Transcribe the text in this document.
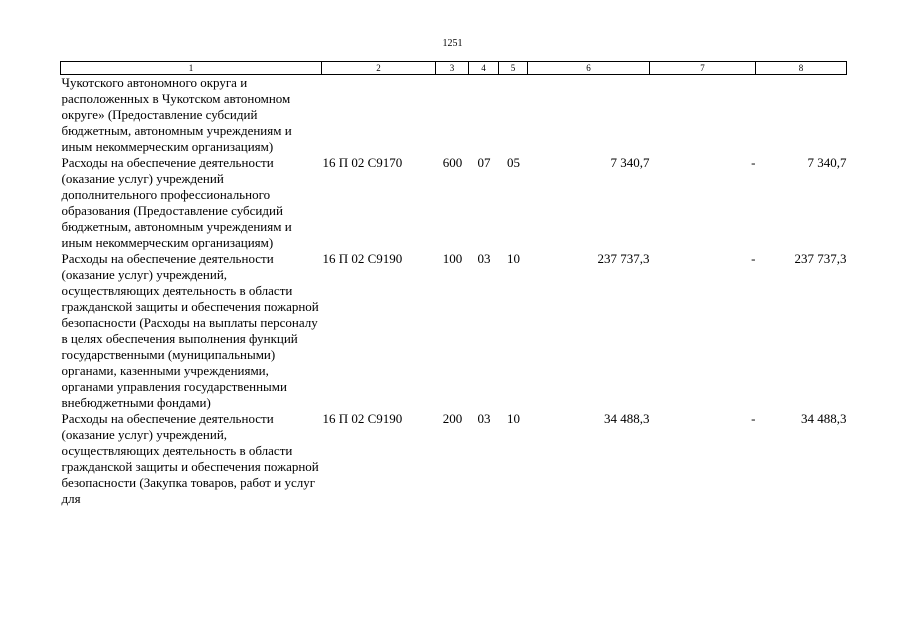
1251
1	2	3	4	5	6	7	8
Чукотского автономного округа и расположенных в Чукотском автономном округе» (Предоставление субсидий бюджетным, автономным учреждениям и иным некоммерческим организациям)							
Расходы на обеспечение деятельности (оказание услуг) учреждений дополнительного профессионального образования (Предоставление субсидий бюджетным, автономным учреждениям и иным некоммерческим организациям)	16 П 02 С9170	600	07	05	7 340,7	-	7 340,7
Расходы на обеспечение деятельности (оказание услуг) учреждений, осуществляющих деятельность в области гражданской защиты и обеспечения пожарной безопасности (Расходы на выплаты персоналу в целях обеспечения выполнения функций государственными (муниципальными) органами, казенными учреждениями, органами управления государственными внебюджетными фондами)	16 П 02 С9190	100	03	10	237 737,3	-	237 737,3
Расходы на обеспечение деятельности (оказание услуг) учреждений, осуществляющих деятельность в области гражданской защиты и обеспечения пожарной безопасности (Закупка товаров, работ и услуг для	16 П 02 С9190	200	03	10	34 488,3	-	34 488,3
